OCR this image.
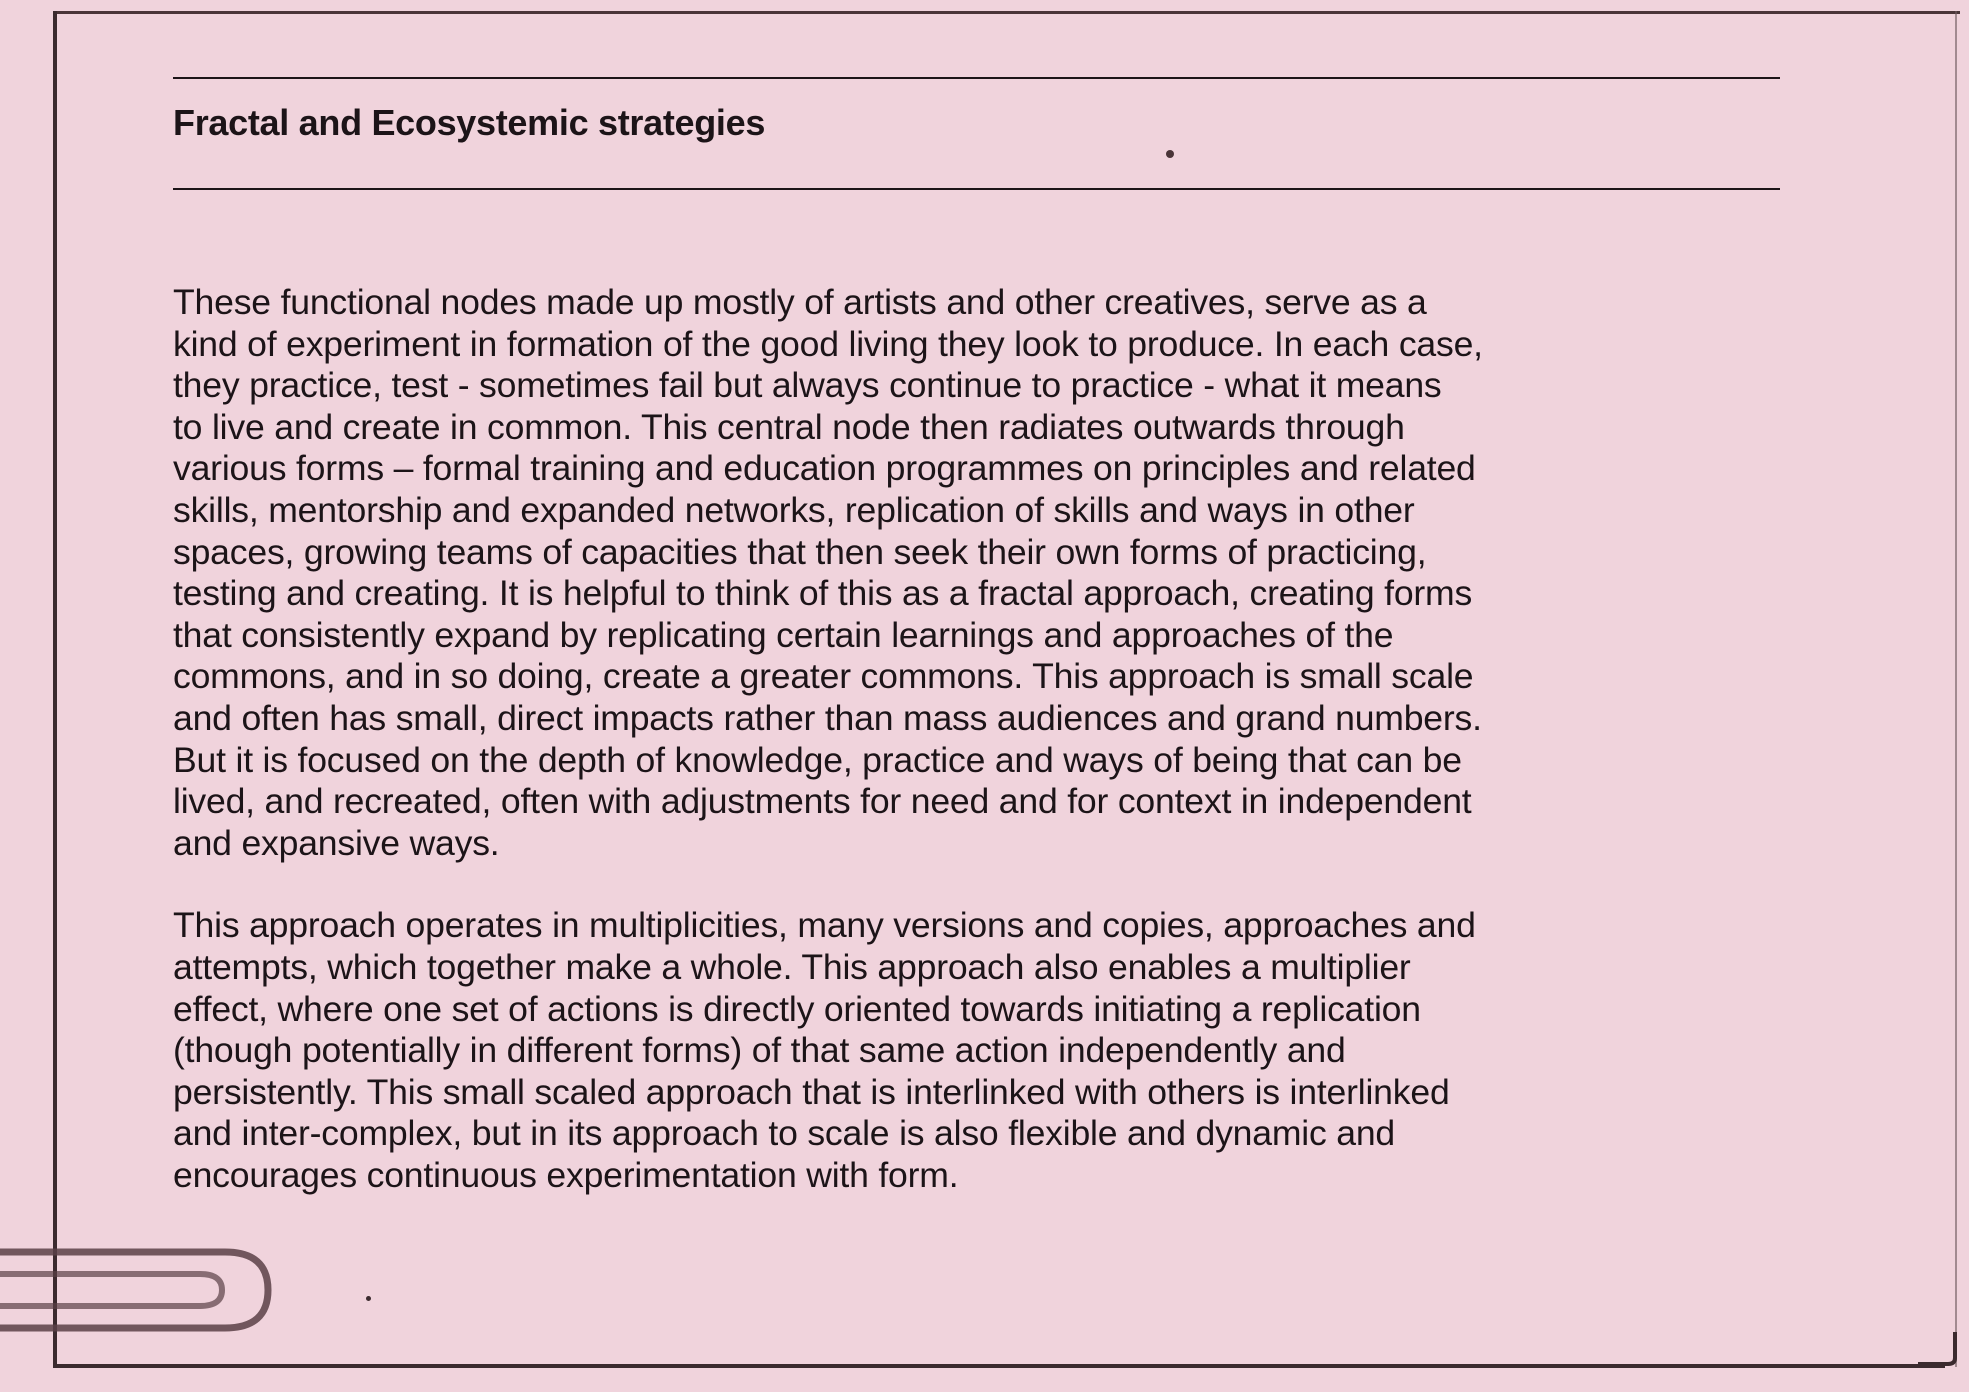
Fractal and Ecosystemic strategies

These functional nodes made up mostly of artists and other creatives, serve as a
kind of experiment in formation of the good living they look to produce. In each case,
they practice, test - sometimes fail but always continue to practice - what it means
to live and create in common. This central node then radiates outwards through
various forms – formal training and education programmes on principles and related
skills, mentorship and expanded networks, replication of skills and ways in other
spaces, growing teams of capacities that then seek their own forms of practicing,
testing and creating. It is helpful to think of this as a fractal approach, creating forms
that consistently expand by replicating certain learnings and approaches of the
commons, and in so doing, create a greater commons. This approach is small scale
and often has small, direct impacts rather than mass audiences and grand numbers.
But it is focused on the depth of knowledge, practice and ways of being that can be
lived, and recreated, often with adjustments for need and for context in independent
and expansive ways.

This approach operates in multiplicities, many versions and copies, approaches and
attempts, which together make a whole. This approach also enables a multiplier
effect, where one set of actions is directly oriented towards initiating a replication
(though potentially in different forms) of that same action independently and
persistently. This small scaled approach that is interlinked with others is interlinked
and inter-complex, but in its approach to scale is also flexible and dynamic and
encourages continuous experimentation with form.
